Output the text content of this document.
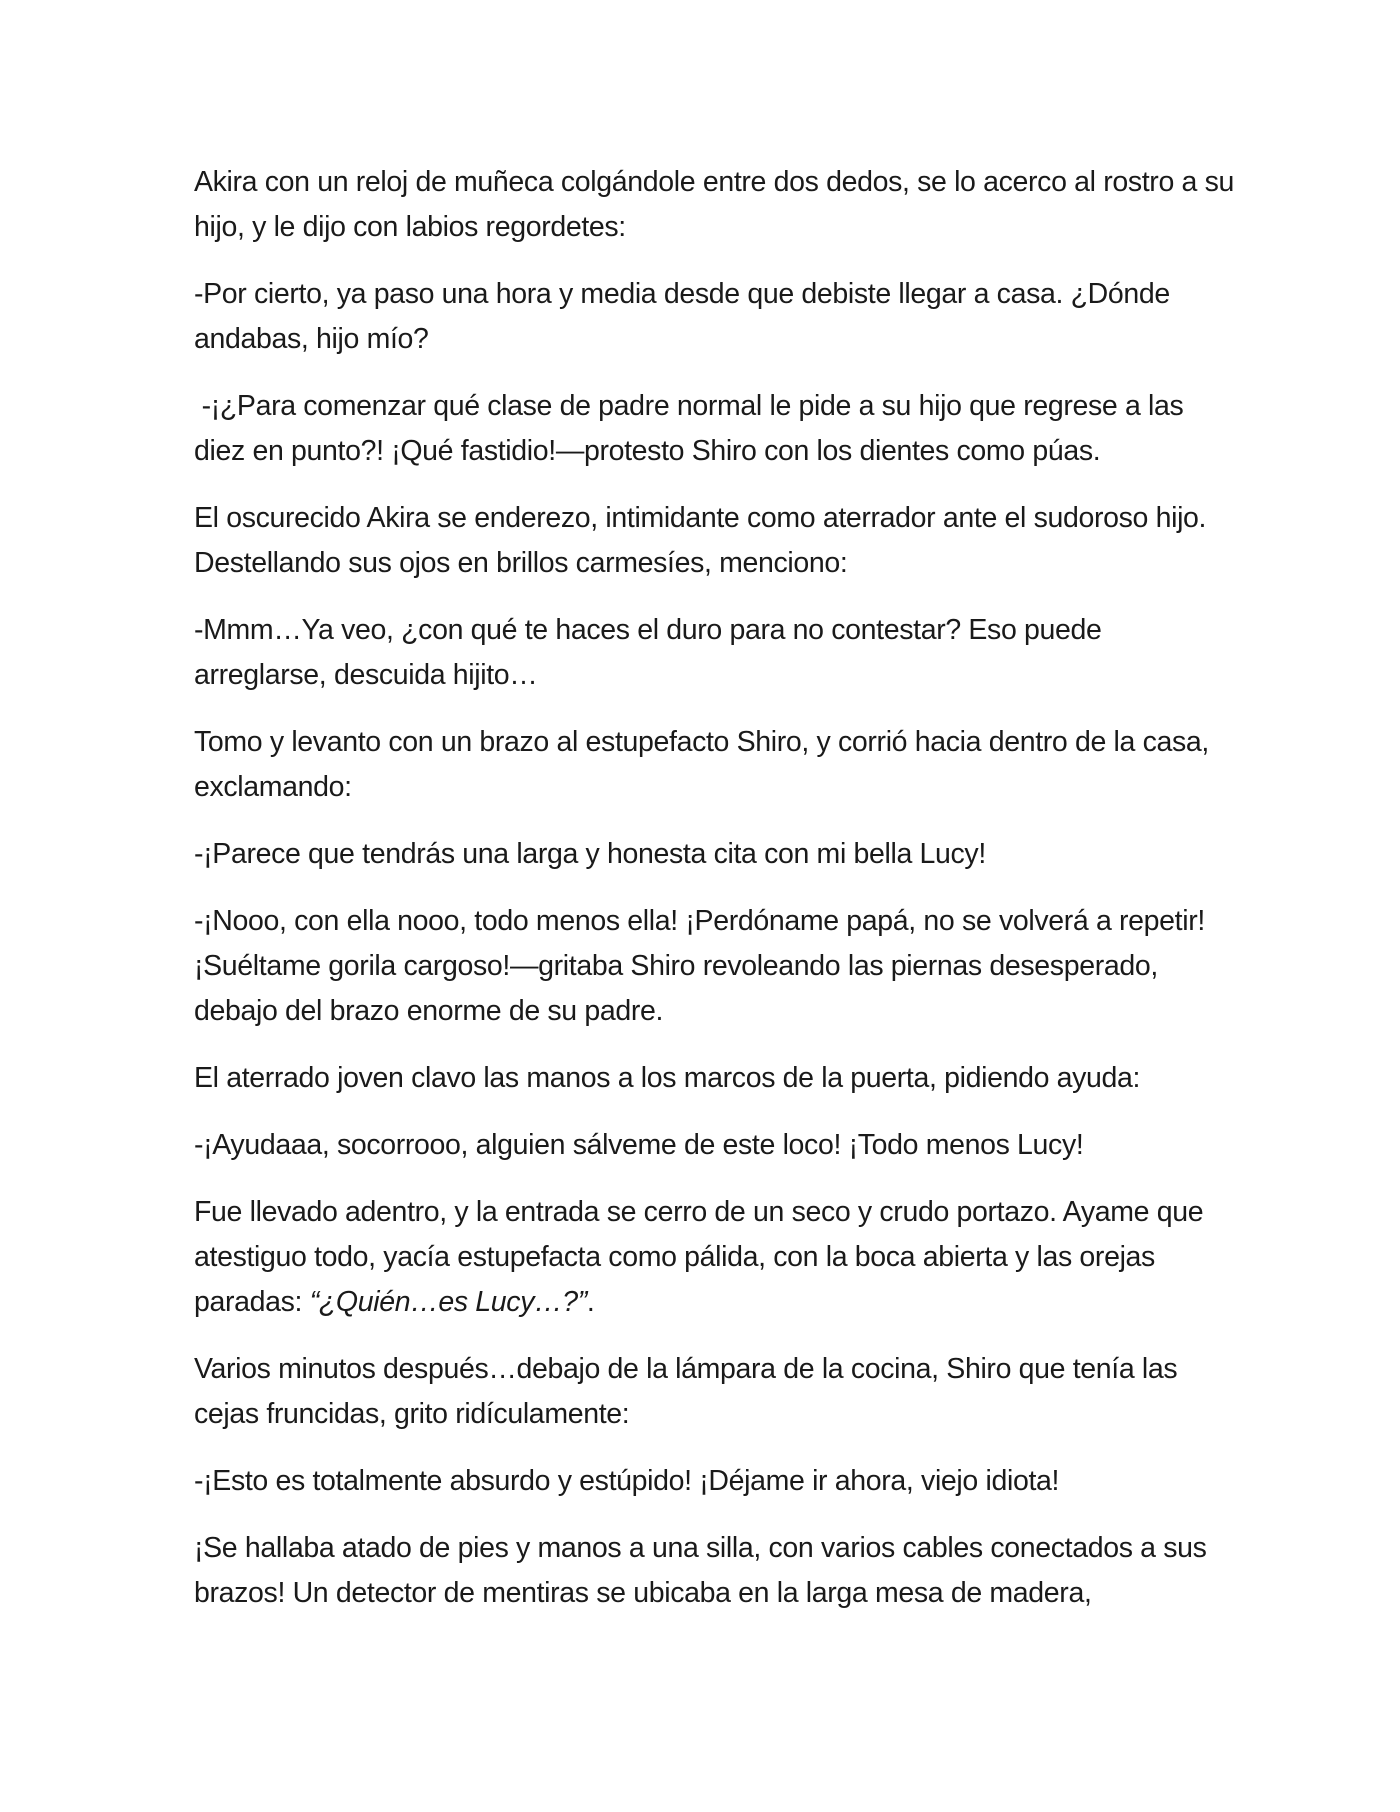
Akira con un reloj de muñeca colgándole entre dos dedos, se lo acerco al rostro a su hijo, y le dijo con labios regordetes:

-Por cierto, ya paso una hora y media desde que debiste llegar a casa. ¿Dónde andabas, hijo mío?

-¡¿Para comenzar qué clase de padre normal le pide a su hijo que regrese a las diez en punto?! ¡Qué fastidio!—protesto Shiro con los dientes como púas.

El oscurecido Akira se enderezo, intimidante como aterrador ante el sudoroso hijo. Destellando sus ojos en brillos carmesíes, menciono:

-Mmm…Ya veo, ¿con qué te haces el duro para no contestar? Eso puede arreglarse, descuida hijito…

Tomo y levanto con un brazo al estupefacto Shiro, y corrió hacia dentro de la casa, exclamando:

-¡Parece que tendrás una larga y honesta cita con mi bella Lucy!

-¡Nooo, con ella nooo, todo menos ella! ¡Perdóname papá, no se volverá a repetir! ¡Suéltame gorila cargoso!—gritaba Shiro revoleando las piernas desesperado, debajo del brazo enorme de su padre.

El aterrado joven clavo las manos a los marcos de la puerta, pidiendo ayuda:

-¡Ayudaaa, socorrooo, alguien sálveme de este loco! ¡Todo menos Lucy!

Fue llevado adentro, y la entrada se cerro de un seco y crudo portazo. Ayame que atestiguo todo, yacía estupefacta como pálida, con la boca abierta y las orejas paradas: “¿Quién…es Lucy…?”.

Varios minutos después…debajo de la lámpara de la cocina, Shiro que tenía las cejas fruncidas, grito ridículamente:

-¡Esto es totalmente absurdo y estúpido! ¡Déjame ir ahora, viejo idiota!

¡Se hallaba atado de pies y manos a una silla, con varios cables conectados a sus brazos! Un detector de mentiras se ubicaba en la larga mesa de madera,
